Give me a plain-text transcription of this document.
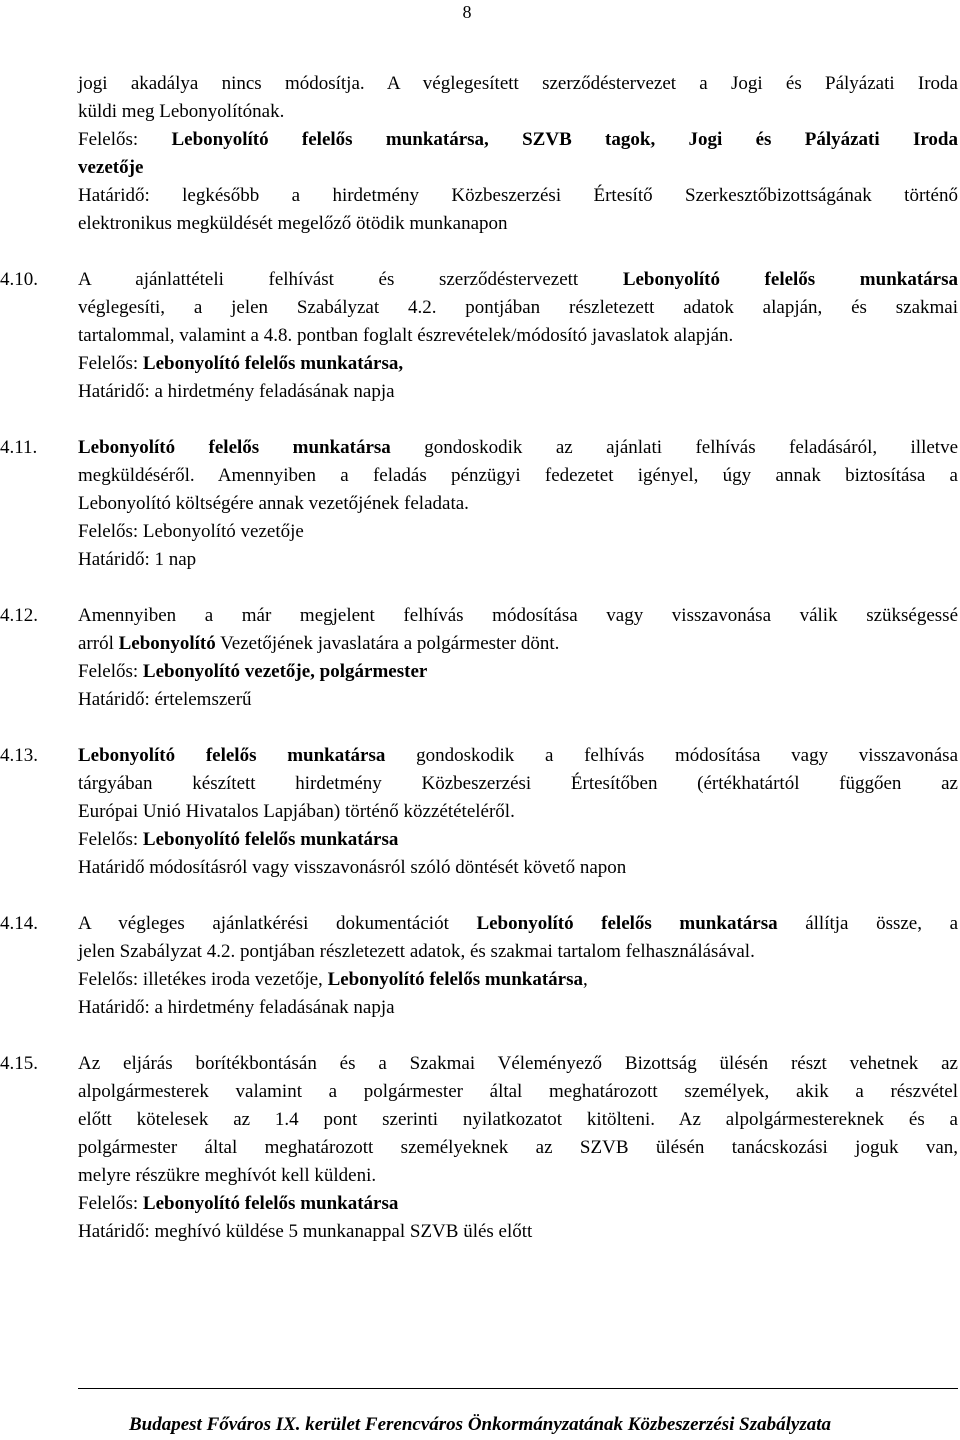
8
jogi akadálya nincs módosítja. A véglegesített szerződéstervezet a Jogi és Pályázati Iroda
küldi meg Lebonyolítónak.
Felelős: Lebonyolító felelős munkatársa, SZVB tagok, Jogi és Pályázati Iroda
vezetője
Határidő: legkésőbb a hirdetmény Közbeszerzési Értesítő Szerkesztőbizottságának történő
elektronikus megküldését megelőző ötödik munkanapon
4.10. A ajánlattételi felhívást és szerződéstervezett Lebonyolító felelős munkatársa
véglegesíti, a jelen Szabályzat 4.2. pontjában részletezett adatok alapján, és szakmai
tartalommal, valamint a 4.8. pontban foglalt észrevételek/módosító javaslatok alapján.
Felelős: Lebonyolító felelős munkatársa,
Határidő: a hirdetmény feladásának napja
4.11. Lebonyolító felelős munkatársa gondoskodik az ajánlati felhívás feladásáról, illetve
megküldéséről. Amennyiben a feladás pénzügyi fedezetet igényel, úgy annak biztosítása a
Lebonyolító költségére annak vezetőjének feladata.
Felelős: Lebonyolító vezetője
Határidő: 1 nap
4.12. Amennyiben a már megjelent felhívás módosítása vagy visszavonása válik szükségessé
arról Lebonyolító Vezetőjének javaslatára a polgármester dönt.
Felelős: Lebonyolító vezetője, polgármester
Határidő: értelemszerű
4.13. Lebonyolító felelős munkatársa gondoskodik a felhívás módosítása vagy visszavonása
tárgyában készített hirdetmény Közbeszerzési Értesítőben (értékhatártól függően az
Európai Unió Hivatalos Lapjában) történő közzétételéről.
Felelős: Lebonyolító felelős munkatársa
Határidő módosításról vagy visszavonásról szóló döntését követő napon
4.14. A végleges ajánlatkérési dokumentációt Lebonyolító felelős munkatársa állítja össze, a
jelen Szabályzat 4.2. pontjában részletezett adatok, és szakmai tartalom felhasználásával.
Felelős: illetékes iroda vezetője, Lebonyolító felelős munkatársa,
Határidő: a hirdetmény feladásának napja
4.15. Az eljárás borítékbontásán és a Szakmai Véleményező Bizottság ülésén részt vehetnek az
alpolgármesterek valamint a polgármester által meghatározott személyek, akik a részvétel
előtt kötelesek az 1.4 pont szerinti nyilatkozatot kitölteni. Az alpolgármestereknek és a
polgármester által meghatározott személyeknek az SZVB ülésén tanácskozási joguk van,
melyre részükre meghívót kell küldeni.
Felelős: Lebonyolító felelős munkatársa
Határidő: meghívó küldése 5 munkanappal SZVB ülés előtt
Budapest Főváros IX. kerület Ferencváros Önkormányzatának Közbeszerzési Szabályzata
